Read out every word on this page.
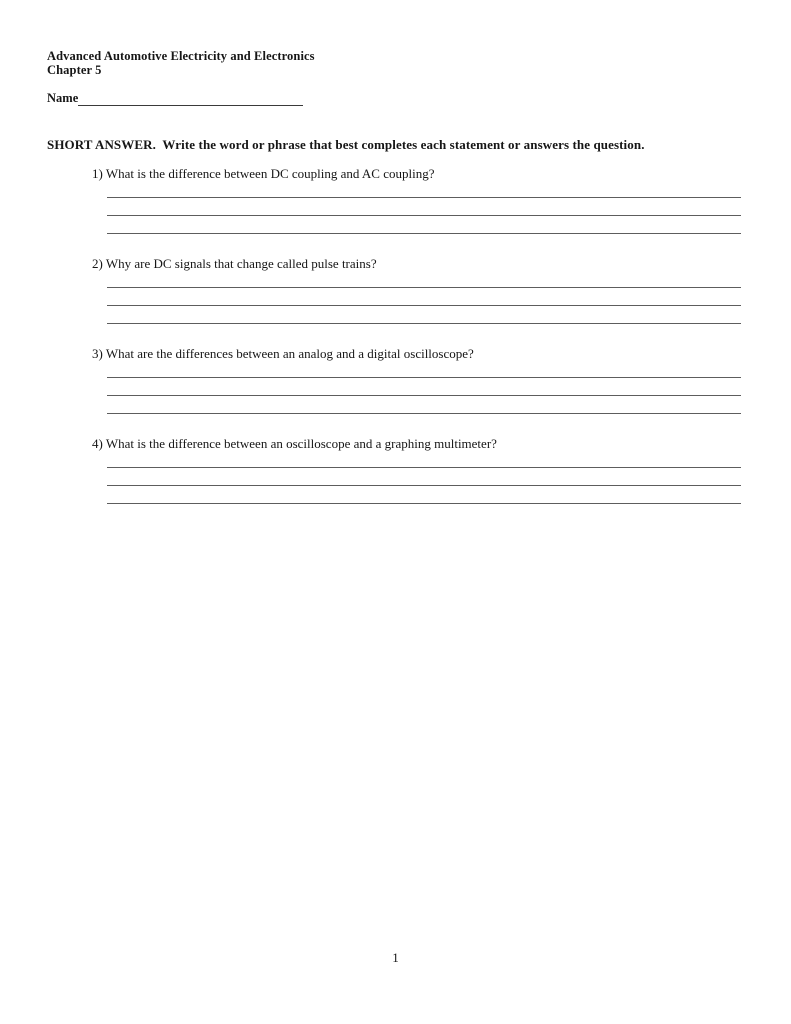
Advanced Automotive Electricity and Electronics
Chapter 5
Name
SHORT ANSWER.  Write the word or phrase that best completes each statement or answers the question.
1) What is the difference between DC coupling and AC coupling?
2) Why are DC signals that change called pulse trains?
3) What are the differences between an analog and a digital oscilloscope?
4) What is the difference between an oscilloscope and a graphing multimeter?
1
